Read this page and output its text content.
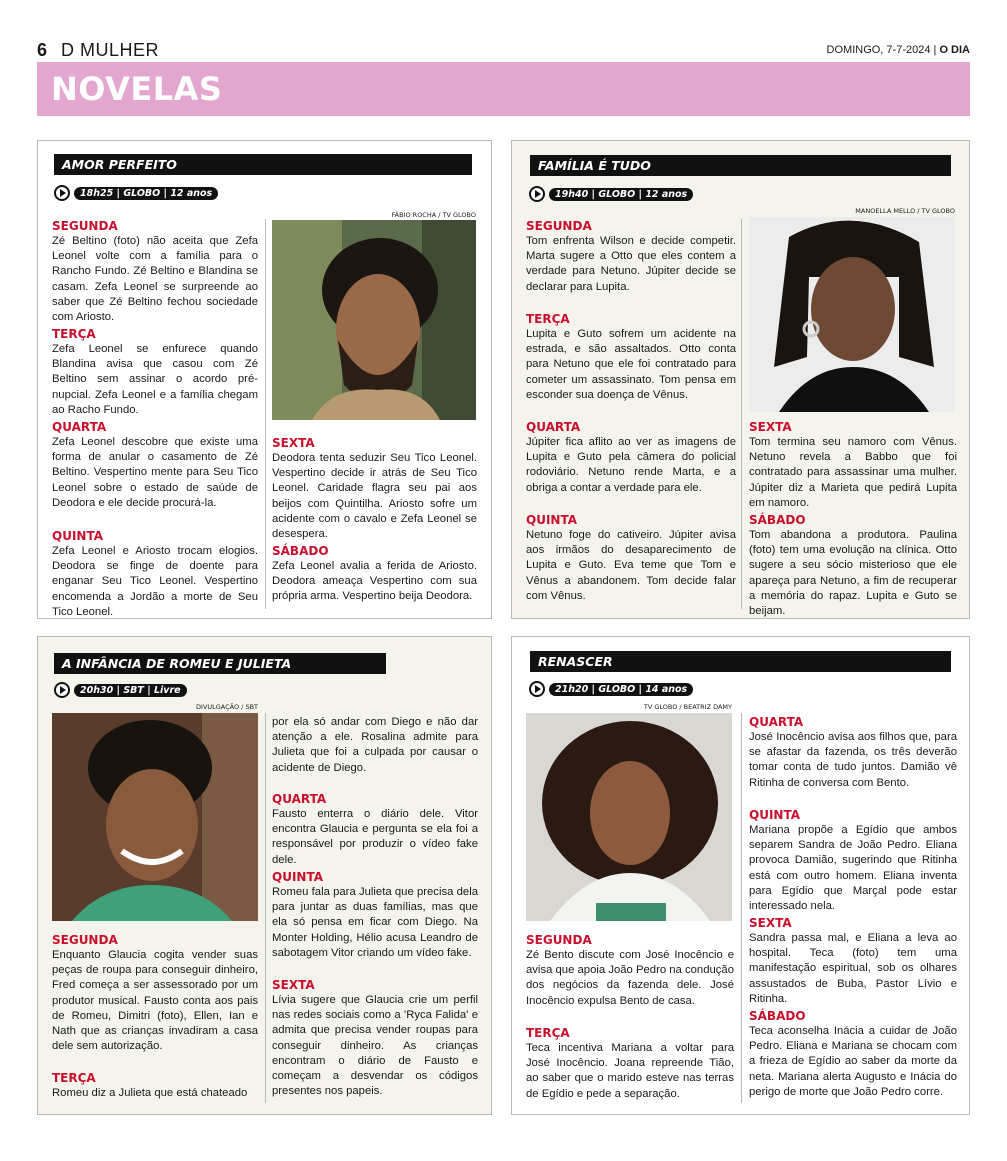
6 D MULHER	DOMINGO, 7-7-2024 | O DIA
NOVELAS
AMOR PERFEITO
18h25 | GLOBO | 12 anos
SEGUNDA
Zé Beltino (foto) não aceita que Zefa Leonel volte com a família para o Rancho Fundo. Zé Beltino e Blandina se casam. Zefa Leonel se surpreende ao saber que Zé Beltino fechou sociedade com Ariosto.
TERÇA
Zefa Leonel se enfurece quando Blandina avisa que casou com Zé Beltino sem assinar o acordo pré-nupcial. Zefa Leonel e a família chegam ao Racho Fundo.
QUARTA
Zefa Leonel descobre que existe uma forma de anular o casamento de Zé Beltino. Vespertino mente para Seu Tico Leonel sobre o estado de saúde de Deodora e ele decide procurá-la.
QUINTA
Zefa Leonel e Ariosto trocam elogios. Deodora se finge de doente para enganar Seu Tico Leonel. Vespertino encomenda a Jordão a morte de Seu Tico Leonel.
FÁBIO ROCHA / TV GLOBO
SEXTA
Deodora tenta seduzir Seu Tico Leonel. Vespertino decide ir atrás de Seu Tico Leonel. Caridade flagra seu pai aos beijos com Quintilha. Ariosto sofre um acidente com o cavalo e Zefa Leonel se desespera.
SÁBADO
Zefa Leonel avalia a ferida de Ariosto. Deodora ameaça Vespertino com sua própria arma. Vespertino beija Deodora.
FAMÍLIA É TUDO
19h40 | GLOBO | 12 anos
SEGUNDA
Tom enfrenta Wilson e decide competir. Marta sugere a Otto que eles contem a verdade para Netuno. Júpiter decide se declarar para Lupita.
TERÇA
Lupita e Guto sofrem um acidente na estrada, e são assaltados. Otto conta para Netuno que ele foi contratado para cometer um assassinato. Tom pensa em esconder sua doença de Vênus.
QUARTA
Júpiter fica aflito ao ver as imagens de Lupita e Guto pela câmera do policial rodoviário. Netuno rende Marta, e a obriga a contar a verdade para ele.
QUINTA
Netuno foge do cativeiro. Júpiter avisa aos irmãos do desaparecimento de Lupita e Guto. Eva teme que Tom e Vênus a abandonem. Tom decide falar com Vênus.
MANOELLA MELLO / TV GLOBO
SEXTA
Tom termina seu namoro com Vênus. Netuno revela a Babbo que foi contratado para assassinar uma mulher. Júpiter diz a Marieta que pedirá Lupita em namoro.
SÁBADO
Tom abandona a produtora. Paulina (foto) tem uma evolução na clínica. Otto sugere a seu sócio misterioso que ele apareça para Netuno, a fim de recuperar a memória do rapaz. Lupita e Guto se beijam.
A INFÂNCIA DE ROMEU E JULIETA
20h30 | SBT | Livre
DIVULGAÇÃO / SBT
SEGUNDA
Enquanto Glaucia cogita vender suas peças de roupa para conseguir dinheiro, Fred começa a ser assessorado por um produtor musical. Fausto conta aos pais de Romeu, Dimitri (foto), Ellen, Ian e Nath que as crianças invadiram a casa dele sem autorização.
TERÇA
Romeu diz a Julieta que está chateado
por ela só andar com Diego e não dar atenção a ele. Rosalina admite para Julieta que foi a culpada por causar o acidente de Diego.
QUARTA
Fausto enterra o diário dele. Vitor encontra Glaucia e pergunta se ela foi a responsável por produzir o vídeo fake dele.
QUINTA
Romeu fala para Julieta que precisa dela para juntar as duas famílias, mas que ela só pensa em ficar com Diego. Na Monter Holding, Hélio acusa Leandro de sabotagem Vitor criando um vídeo fake.
SEXTA
Lívia sugere que Glaucia crie um perfil nas redes sociais como a 'Ryca Falida' e admita que precisa vender roupas para conseguir dinheiro. As crianças encontram o diário de Fausto e começam a desvendar os códigos presentes nos papeis.
RENASCER
21h20 | GLOBO | 14 anos
TV GLOBO / BEATRIZ DAMY
SEGUNDA
Zé Bento discute com José Inocêncio e avisa que apoia João Pedro na condução dos negócios da fazenda dele. José Inocêncio expulsa Bento de casa.
TERÇA
Teca incentiva Mariana a voltar para José Inocêncio. Joana repreende Tião, ao saber que o marido esteve nas terras de Egídio e pede a separação.
QUARTA
José Inocêncio avisa aos filhos que, para se afastar da fazenda, os três deverão tomar conta de tudo juntos. Damião vê Ritinha de conversa com Bento.
QUINTA
Mariana propõe a Egídio que ambos separem Sandra de João Pedro. Eliana provoca Damião, sugerindo que Ritinha está com outro homem. Eliana inventa para Egídio que Marçal pode estar interessado nela.
SEXTA
Sandra passa mal, e Eliana a leva ao hospital. Teca (foto) tem uma manifestação espiritual, sob os olhares assustados de Buba, Pastor Lívio e Ritinha.
SÁBADO
Teca aconselha Inácia a cuidar de João Pedro. Eliana e Mariana se chocam com a frieza de Egídio ao saber da morte da neta. Mariana alerta Augusto e Inácia do perigo de morte que João Pedro corre.
